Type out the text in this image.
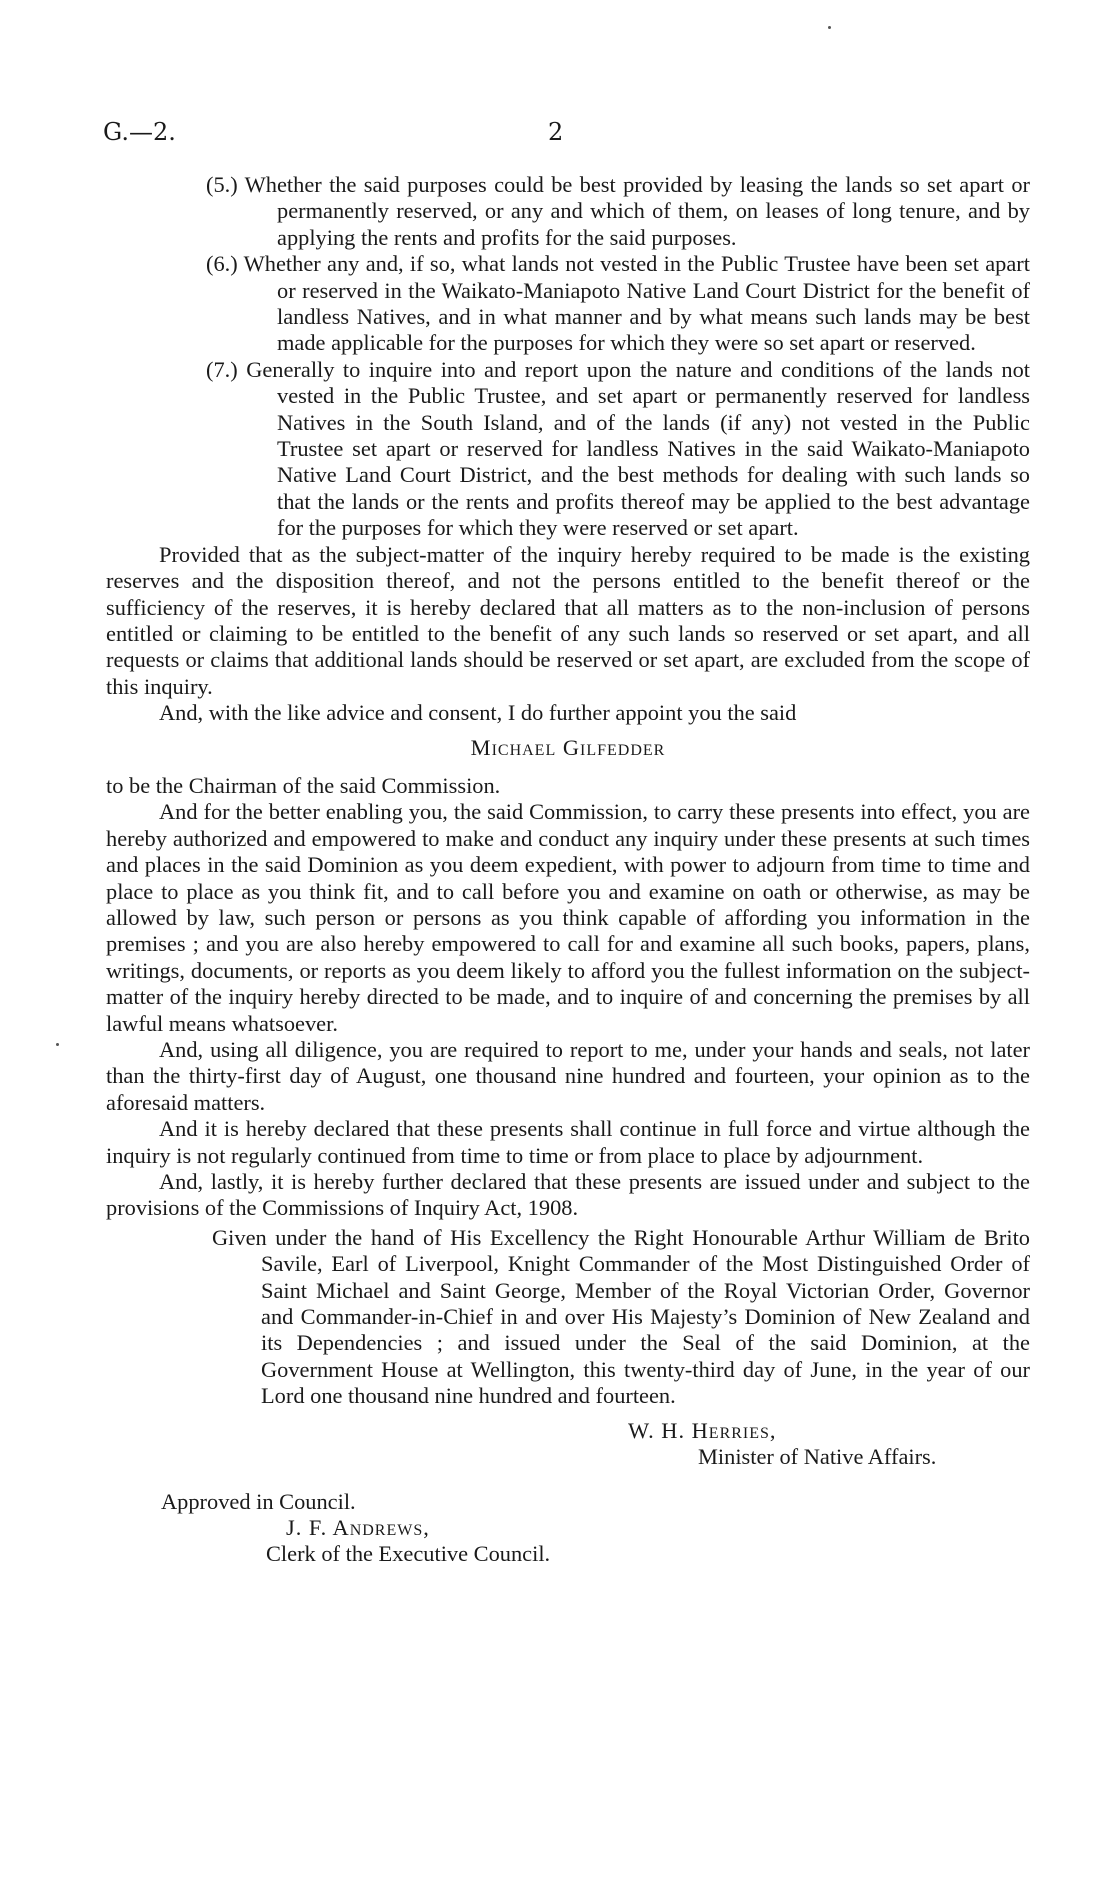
G.—2.	2
(5.) Whether the said purposes could be best provided by leasing the lands so set apart or permanently reserved, or any and which of them, on leases of long tenure, and by applying the rents and profits for the said purposes.
(6.) Whether any and, if so, what lands not vested in the Public Trustee have been set apart or reserved in the Waikato-Maniapoto Native Land Court District for the benefit of landless Natives, and in what manner and by what means such lands may be best made applicable for the purposes for which they were so set apart or reserved.
(7.) Generally to inquire into and report upon the nature and conditions of the lands not vested in the Public Trustee, and set apart or permanently reserved for landless Natives in the South Island, and of the lands (if any) not vested in the Public Trustee set apart or reserved for landless Natives in the said Waikato-Maniapoto Native Land Court District, and the best methods for dealing with such lands so that the lands or the rents and profits thereof may be applied to the best advantage for the purposes for which they were reserved or set apart.
Provided that as the subject-matter of the inquiry hereby required to be made is the existing reserves and the disposition thereof, and not the persons entitled to the benefit thereof or the sufficiency of the reserves, it is hereby declared that all matters as to the non-inclusion of persons entitled or claiming to be entitled to the benefit of any such lands so reserved or set apart, and all requests or claims that additional lands should be reserved or set apart, are excluded from the scope of this inquiry.
And, with the like advice and consent, I do further appoint you the said
Michael Gilfedder
to be the Chairman of the said Commission.
And for the better enabling you, the said Commission, to carry these presents into effect, you are hereby authorized and empowered to make and conduct any inquiry under these presents at such times and places in the said Dominion as you deem expedient, with power to adjourn from time to time and place to place as you think fit, and to call before you and examine on oath or otherwise, as may be allowed by law, such person or persons as you think capable of affording you information in the premises ; and you are also hereby empowered to call for and examine all such books, papers, plans, writings, documents, or reports as you deem likely to afford you the fullest information on the subject-matter of the inquiry hereby directed to be made, and to inquire of and concerning the premises by all lawful means whatsoever.
And, using all diligence, you are required to report to me, under your hands and seals, not later than the thirty-first day of August, one thousand nine hundred and fourteen, your opinion as to the aforesaid matters.
And it is hereby declared that these presents shall continue in full force and virtue although the inquiry is not regularly continued from time to time or from place to place by adjournment.
And, lastly, it is hereby further declared that these presents are issued under and subject to the provisions of the Commissions of Inquiry Act, 1908.
Given under the hand of His Excellency the Right Honourable Arthur William de Brito Savile, Earl of Liverpool, Knight Commander of the Most Distinguished Order of Saint Michael and Saint George, Member of the Royal Victorian Order, Governor and Commander-in-Chief in and over His Majesty’s Dominion of New Zealand and its Dependencies ; and issued under the Seal of the said Dominion, at the Government House at Wellington, this twenty-third day of June, in the year of our Lord one thousand nine hundred and fourteen.
W. H. Herries,
Minister of Native Affairs.
Approved in Council.
J. F. Andrews,
Clerk of the Executive Council.
